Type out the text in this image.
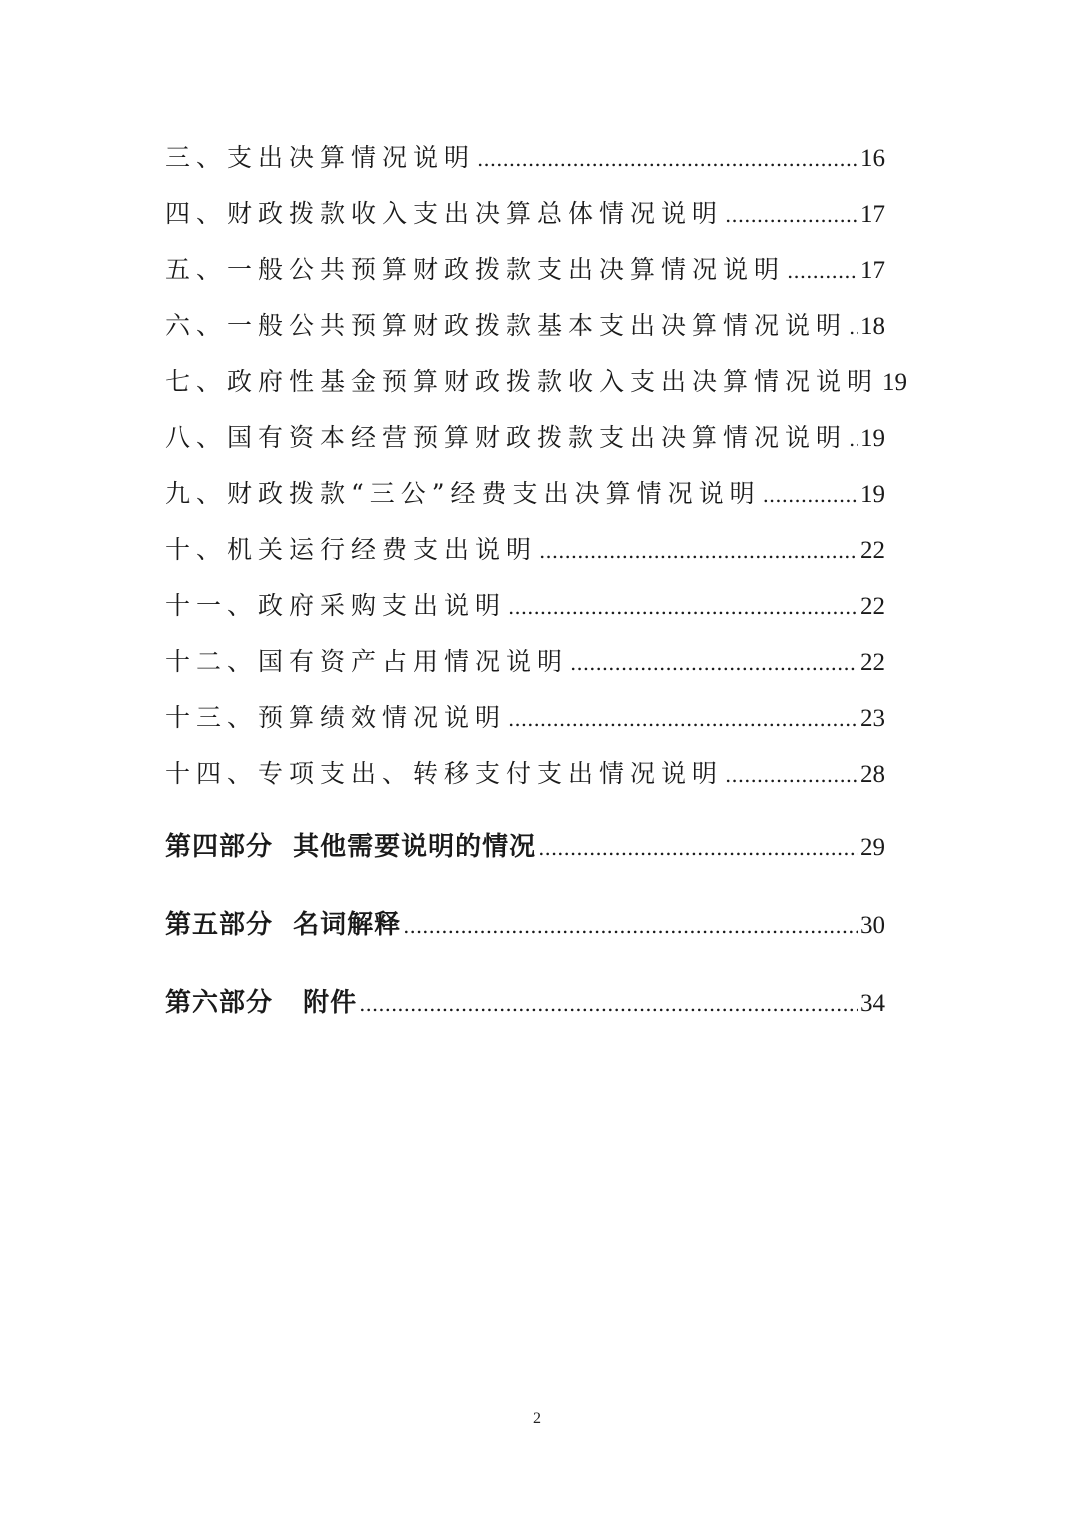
三、支出决算情况说明 .....	16
四、财政拨款收入支出决算总体情况说明 .....	17
五、一般公共预算财政拨款支出决算情况说明 .....	17
六、一般公共预算财政拨款基本支出决算情况说明 ..... 18
七、政府性基金预算财政拨款收入支出决算情况说明 19
八、国有资本经营预算财政拨款支出决算情况说明 ..... 19
九、财政拨款“三公”经费支出决算情况说明 .....	19
十、机关运行经费支出说明 .....	22
十一、政府采购支出说明 .....	22
十二、国有资产占用情况说明 .....	22
十三、预算绩效情况说明 .....	23
十四、专项支出、转移支付支出情况说明 .....	28
第四部分  其他需要说明的情况 .....	29
第五部分  名词解释 .....	30
第六部分   附件 .....	34
2
